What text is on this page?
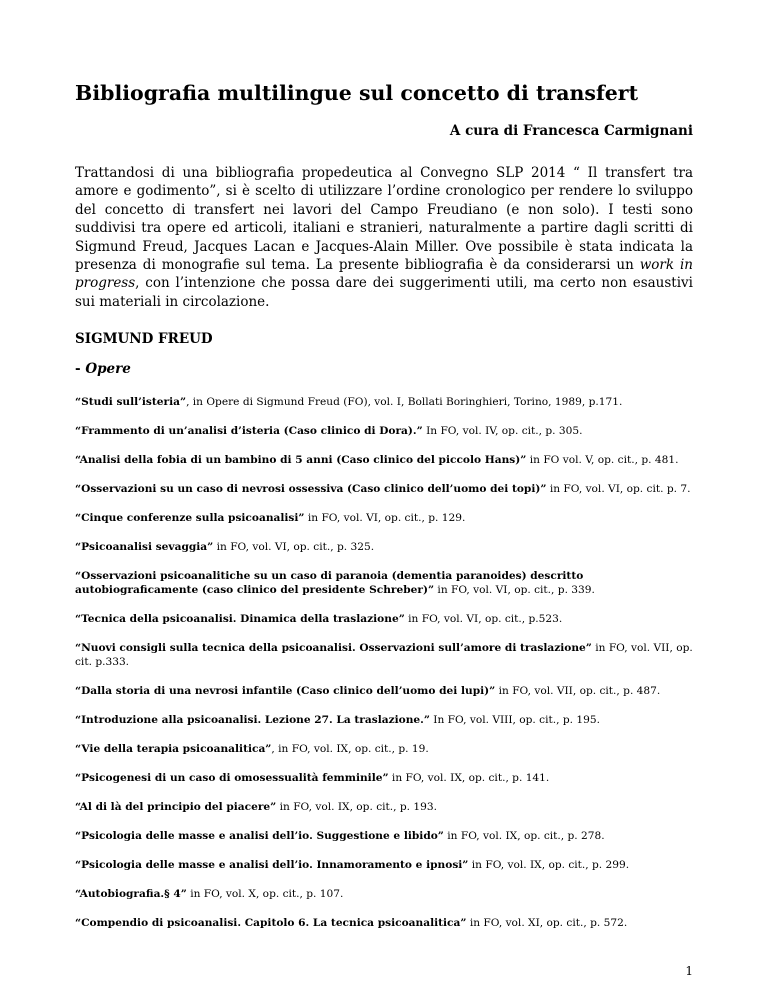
Bibliografia multilingue sul concetto di transfert

A cura di Francesca Carmignani

Trattandosi di una bibliografia propedeutica al Convegno SLP 2014 “ Il transfert tra amore e godimento”, si è scelto di utilizzare l’ordine cronologico per rendere lo sviluppo del concetto di transfert nei lavori del Campo Freudiano (e non solo). I testi sono suddivisi tra opere ed articoli, italiani e stranieri, naturalmente a partire dagli scritti di Sigmund Freud, Jacques Lacan e Jacques-Alain Miller. Ove possibile è stata indicata la presenza di monografie sul tema. La presente bibliografia è da considerarsi un work in progress, con l’intenzione che possa dare dei suggerimenti utili, ma certo non esaustivi sui materiali in circolazione.

SIGMUND FREUD
- Opere
“Studi sull’isteria”, in Opere di Sigmund Freud (FO), vol. I, Bollati Boringhieri, Torino, 1989, p.171.
“Frammento di un’analisi d’isteria (Caso clinico di Dora).” In FO, vol. IV, op. cit., p. 305.
“Analisi della fobia di un bambino di 5 anni (Caso clinico del piccolo Hans)” in FO vol. V, op. cit., p. 481.
“Osservazioni su un caso di nevrosi ossessiva (Caso clinico dell’uomo dei topi)” in FO, vol. VI, op. cit. p. 7.
“Cinque conferenze sulla psicoanalisi” in FO, vol. VI, op. cit., p. 129.
“Psicoanalisi sevaggia” in FO, vol. VI, op. cit., p. 325.
“Osservazioni psicoanalitiche su un caso di paranoia (dementia paranoides) descritto autobiograficamente (caso clinico del presidente Schreber)” in FO, vol. VI, op. cit., p. 339.
“Tecnica della psicoanalisi. Dinamica della traslazione” in FO, vol. VI, op. cit., p.523.
“Nuovi consigli sulla tecnica della psicoanalisi. Osservazioni sull’amore di traslazione” in FO, vol. VII, op. cit. p.333.
“Dalla storia di una nevrosi infantile (Caso clinico dell’uomo dei lupi)” in FO, vol. VII, op. cit., p. 487.
“Introduzione alla psicoanalisi. Lezione 27. La traslazione.” In FO, vol. VIII, op. cit., p. 195.
“Vie della terapia psicoanalitica”, in FO, vol. IX, op. cit., p. 19.
“Psicogenesi di un caso di omosessualità femminile” in FO, vol. IX, op. cit., p. 141.
“Al di là del principio del piacere” in FO, vol. IX, op. cit., p. 193.
“Psicologia delle masse e analisi dell’io. Suggestione e libido” in FO, vol. IX, op. cit., p. 278.
“Psicologia delle masse e analisi dell’io. Innamoramento e ipnosi” in FO, vol. IX, op. cit., p. 299.
“Autobiografia.§ 4” in FO, vol. X, op. cit., p. 107.
“Compendio di psicoanalisi. Capitolo 6. La tecnica psicoanalitica” in FO, vol. XI, op. cit., p. 572.
1
